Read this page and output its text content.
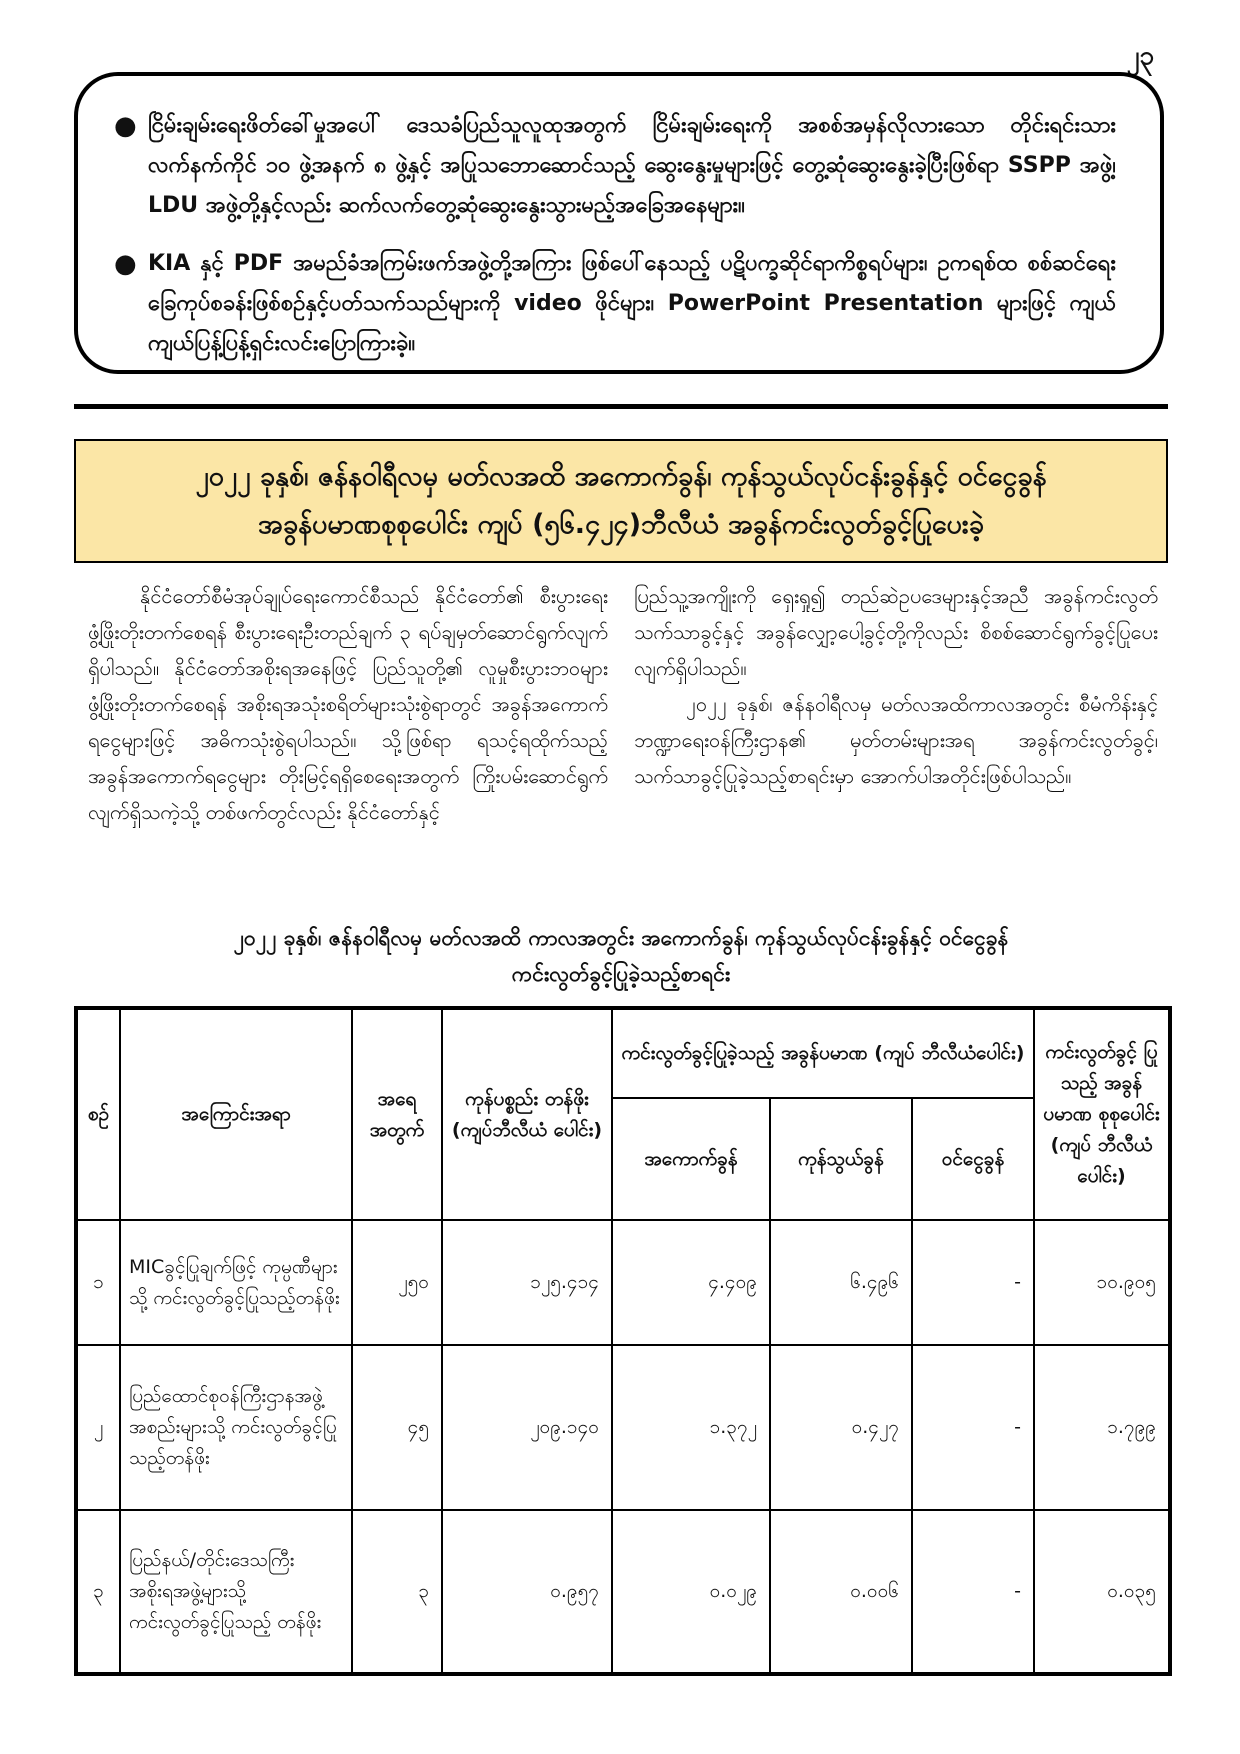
၂၃
● ငြိမ်းချမ်းရေးဖိတ်ခေါ်မှုအပေါ် ဒေသခံပြည်သူလူထုအတွက် ငြိမ်းချမ်းရေးကို အစစ်အမှန်လိုလားသော တိုင်းရင်းသား လက်နက်ကိုင် ၁၀ ဖွဲ့အနက် ၈ ဖွဲ့နှင့် အပြုသဘောဆောင်သည့် ဆွေးနွေးမှုများဖြင့် တွေ့ဆုံဆွေးနွေးခဲ့ပြီးဖြစ်ရာ SSPP အဖွဲ့၊ LDU အဖွဲ့တို့နှင့်လည်း ဆက်လက်တွေ့ဆုံဆွေးနွေးသွားမည့်အခြေအနေများ။
● KIA နှင့် PDF အမည်ခံအကြမ်းဖက်အဖွဲ့တို့အကြား ဖြစ်ပေါ်နေသည့် ပဋိပက္ခဆိုင်ရာကိစ္စရပ်များ၊ ဥကရစ်ထ စစ်ဆင်ရေးခြေကုပ်စခန်းဖြစ်စဉ်နှင့်ပတ်သက်သည်များကို video ဖိုင်များ၊ PowerPoint Presentation များဖြင့် ကျယ်ကျယ်ပြန့်ပြန့်ရှင်းလင်းပြောကြားခဲ့။
၂၀၂၂ ခုနှစ်၊ ဇန်နဝါရီလမှ မတ်လအထိ အကောက်ခွန်၊ ကုန်သွယ်လုပ်ငန်းခွန်နှင့် ဝင်ငွေခွန်
အခွန်ပမာဏစုစုပေါင်း ကျပ် (၅၆.၄၂၄)ဘီလီယံ အခွန်ကင်းလွတ်ခွင့်ပြုပေးခဲ့

နိုင်ငံတော်စီမံအုပ်ချုပ်ရေးကောင်စီသည် နိုင်ငံတော်၏ စီးပွားရေးဖွံ့ဖြိုးတိုးတက်စေရန် စီးပွားရေးဦးတည်ချက် ၃ ရပ်ချမှတ်ဆောင်ရွက်လျက်ရှိပါသည်။ နိုင်ငံတော်အစိုးရအနေဖြင့် ပြည်သူတို့၏ လူမှုစီးပွားဘဝများဖွံ့ဖြိုးတိုးတက်စေရန် အစိုးရအသုံးစရိတ်များသုံးစွဲရာတွင် အခွန်အကောက်ရငွေများဖြင့် အဓိကသုံးစွဲရပါသည်။ သို့ဖြစ်ရာ ရသင့်ရထိုက်သည့် အခွန်အကောက်ရငွေများ တိုးမြင့်ရရှိစေရေးအတွက် ကြိုးပမ်းဆောင်ရွက်လျက်ရှိသကဲ့သို့ တစ်ဖက်တွင်လည်း နိုင်ငံတော်နှင့်

ပြည်သူ့အကျိုးကို ရှေးရှု၍ တည်ဆဲဥပဒေများနှင့်အညီ အခွန်ကင်းလွတ်သက်သာခွင့်နှင့် အခွန်လျှော့ပေါ့ခွင့်တို့ကိုလည်း စိစစ်ဆောင်ရွက်ခွင့်ပြုပေးလျက်ရှိပါသည်။

၂၀၂၂ ခုနှစ်၊ ဇန်နဝါရီလမှ မတ်လအထိကာလအတွင်း စီမံကိန်းနှင့်ဘဏ္ဍာရေးဝန်ကြီးဌာန၏ မှတ်တမ်းများအရ အခွန်ကင်းလွတ်ခွင့်၊ သက်သာခွင့်ပြုခဲ့သည့်စာရင်းမှာ အောက်ပါအတိုင်းဖြစ်ပါသည်။

၂၀၂၂ ခုနှစ်၊ ဇန်နဝါရီလမှ မတ်လအထိ ကာလအတွင်း အကောက်ခွန်၊ ကုန်သွယ်လုပ်ငန်းခွန်နှင့် ဝင်ငွေခွန်
ကင်းလွတ်ခွင့်ပြုခဲ့သည့်စာရင်း
စဉ်	အကြောင်းအရာ	အရေ အတွက်	ကုန်ပစ္စည်း တန်ဖိုး (ကျပ်ဘီလီယံ ပေါင်း)	ကင်းလွတ်ခွင့်ပြုခဲ့သည့် အခွန်ပမာဏ (ကျပ် ဘီလီယံပေါင်း)			ကင်းလွတ်ခွင့် ပြုသည့် အခွန်ပမာဏ စုစုပေါင်း (ကျပ် ဘီလီယံပေါင်း)
				အကောက်ခွန်	ကုန်သွယ်ခွန်	ဝင်ငွေခွန်	
၁	MICခွင့်ပြုချက်ဖြင့် ကုမ္ပဏီများသို့ ကင်းလွတ်ခွင့်ပြုသည့်တန်ဖိုး	၂၅၀	၁၂၅.၄၁၄	၄.၄၀၉	၆.၄၉၆	-	၁၀.၉၀၅
၂	ပြည်ထောင်စုဝန်ကြီးဌာနအဖွဲ့အစည်းများသို့ ကင်းလွတ်ခွင့်ပြုသည့်တန်ဖိုး	၄၅	၂၀၉.၁၄၀	၁.၃၇၂	၀.၄၂၇	-	၁.၇၉၉
၃	ပြည်နယ်/တိုင်းဒေသကြီး အစိုးရအဖွဲ့များသို့ ကင်းလွတ်ခွင့်ပြုသည့် တန်ဖိုး	၃	၀.၉၅၇	၀.၀၂၉	၀.၀၀၆	-	၀.၀၃၅
